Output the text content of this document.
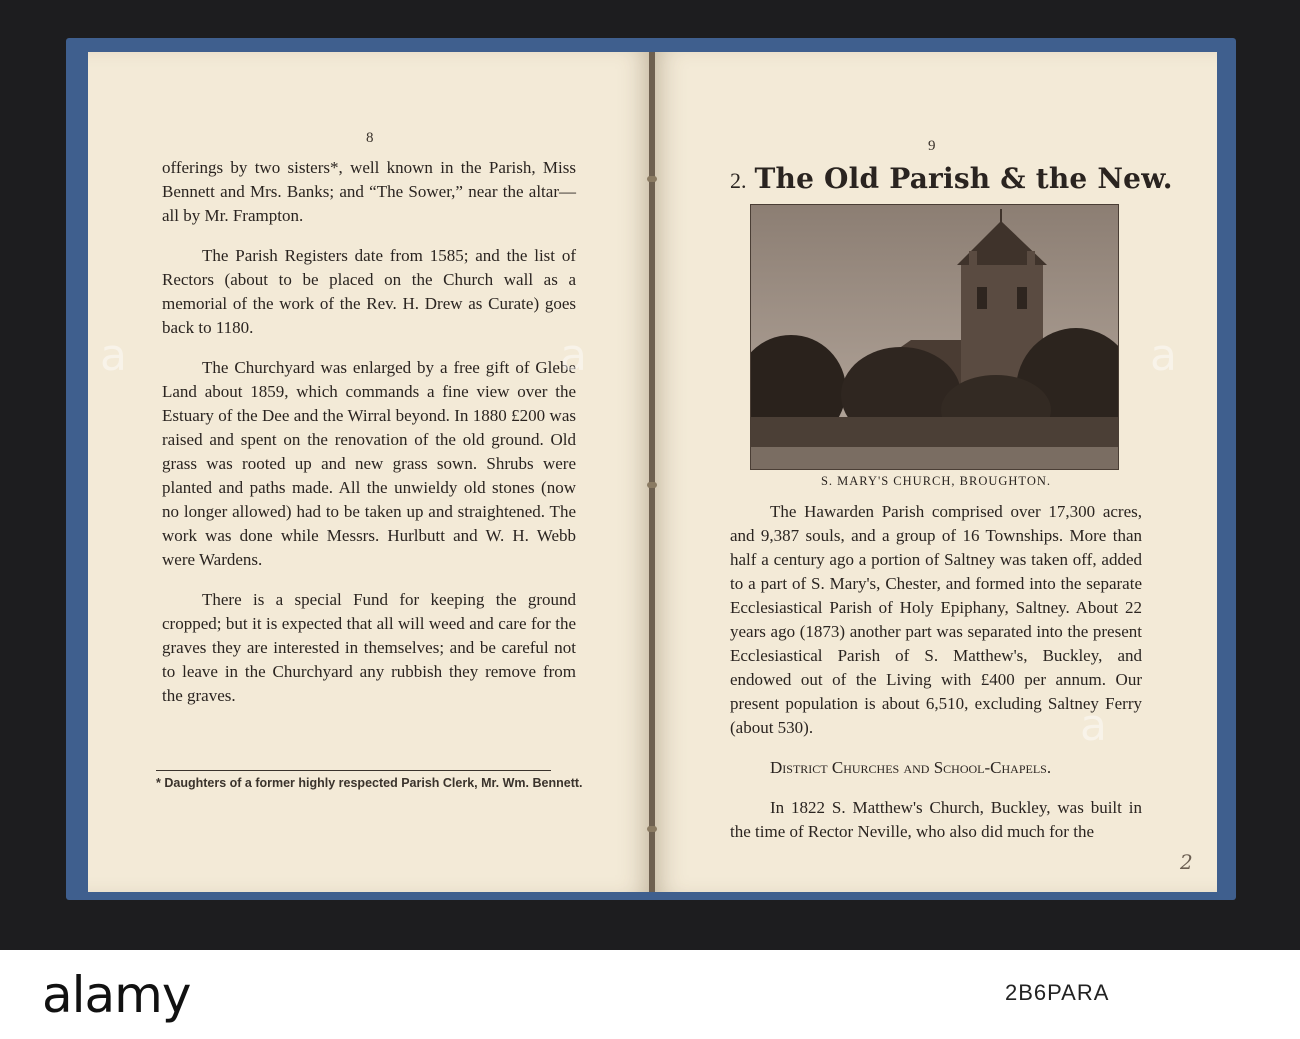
8

offerings by two sisters*, well known in the Parish, Miss Bennett and Mrs. Banks; and “The Sower,” near the altar—all by Mr. Frampton.

The Parish Registers date from 1585; and the list of Rectors (about to be placed on the Church wall as a memorial of the work of the Rev. H. Drew as Curate) goes back to 1180.

The Churchyard was enlarged by a free gift of Glebe Land about 1859, which commands a fine view over the Estuary of the Dee and the Wirral beyond. In 1880 £200 was raised and spent on the renovation of the old ground. Old grass was rooted up and new grass sown. Shrubs were planted and paths made. All the unwieldy old stones (now no longer allowed) had to be taken up and straightened. The work was done while Messrs. Hurlbutt and W. H. Webb were Wardens.

There is a special Fund for keeping the ground cropped; but it is expected that all will weed and care for the graves they are interested in themselves; and be careful not to leave in the Churchyard any rubbish they remove from the graves.

* Daughters of a former highly respected Parish Clerk, Mr. Wm. Bennett.
9
2. The Old Parish & the New.
S. MARY'S CHURCH, BROUGHTON.

The Hawarden Parish comprised over 17,300 acres, and 9,387 souls, and a group of 16 Townships. More than half a century ago a portion of Saltney was taken off, added to a part of S. Mary's, Chester, and formed into the separate Ecclesiastical Parish of Holy Epiphany, Saltney. About 22 years ago (1873) another part was separated into the present Ecclesiastical Parish of S. Matthew's, Buckley, and endowed out of the Living with £400 per annum. Our present population is about 6,510, excluding Saltney Ferry (about 530).

District Churches and School-Chapels.

In 1822 S. Matthew's Church, Buckley, was built in the time of Rector Neville, who also did much for the

2
a	a	a
a
alamy	2B6PARA
